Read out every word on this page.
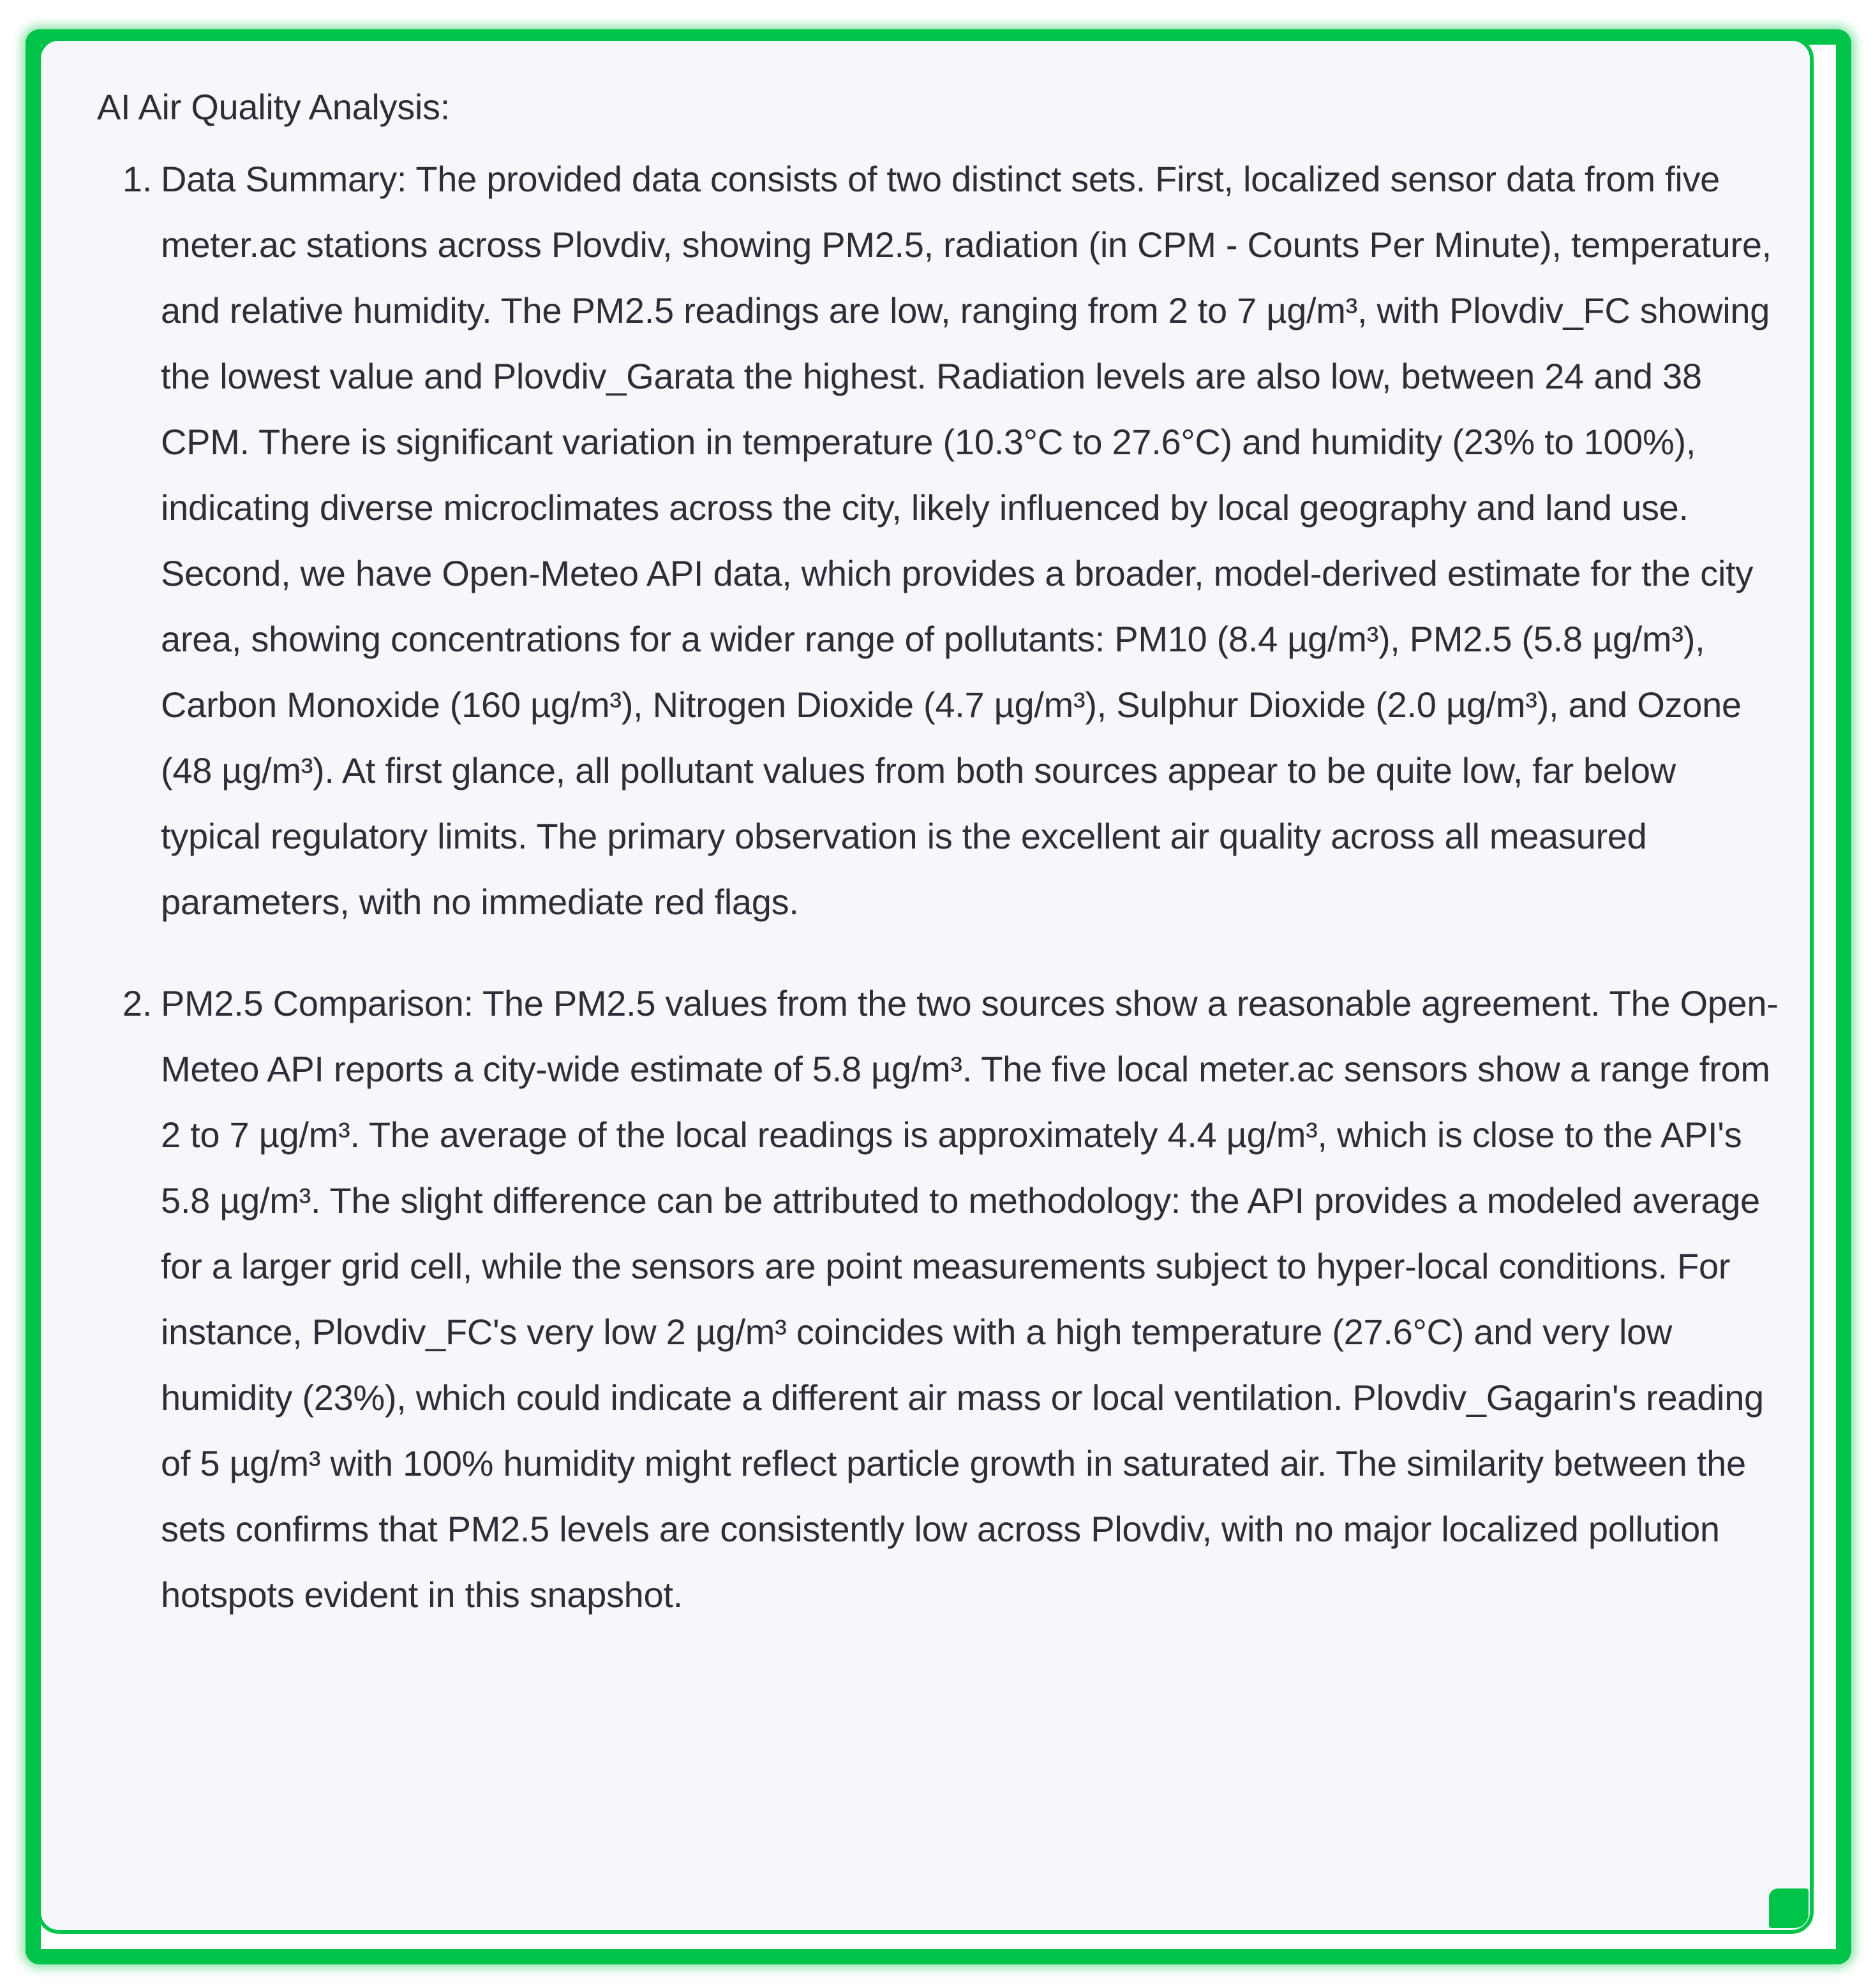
AI Air Quality Analysis:
1. Data Summary: The provided data consists of two distinct sets. First, localized sensor data from five meter.ac stations across Plovdiv, showing PM2.5, radiation (in CPM - Counts Per Minute), temperature, and relative humidity. The PM2.5 readings are low, ranging from 2 to 7 µg/m³, with Plovdiv_FC showing the lowest value and Plovdiv_Garata the highest. Radiation levels are also low, between 24 and 38 CPM. There is significant variation in temperature (10.3°C to 27.6°C) and humidity (23% to 100%), indicating diverse microclimates across the city, likely influenced by local geography and land use. Second, we have Open-Meteo API data, which provides a broader, model-derived estimate for the city area, showing concentrations for a wider range of pollutants: PM10 (8.4 µg/m³), PM2.5 (5.8 µg/m³), Carbon Monoxide (160 µg/m³), Nitrogen Dioxide (4.7 µg/m³), Sulphur Dioxide (2.0 µg/m³), and Ozone (48 µg/m³). At first glance, all pollutant values from both sources appear to be quite low, far below typical regulatory limits. The primary observation is the excellent air quality across all measured parameters, with no immediate red flags.
2. PM2.5 Comparison: The PM2.5 values from the two sources show a reasonable agreement. The Open-Meteo API reports a city-wide estimate of 5.8 µg/m³. The five local meter.ac sensors show a range from 2 to 7 µg/m³. The average of the local readings is approximately 4.4 µg/m³, which is close to the API's 5.8 µg/m³. The slight difference can be attributed to methodology: the API provides a modeled average for a larger grid cell, while the sensors are point measurements subject to hyper-local conditions. For instance, Plovdiv_FC's very low 2 µg/m³ coincides with a high temperature (27.6°C) and very low humidity (23%), which could indicate a different air mass or local ventilation. Plovdiv_Gagarin's reading of 5 µg/m³ with 100% humidity might reflect particle growth in saturated air. The similarity between the sets confirms that PM2.5 levels are consistently low across Plovdiv, with no major localized pollution hotspots evident in this snapshot.
